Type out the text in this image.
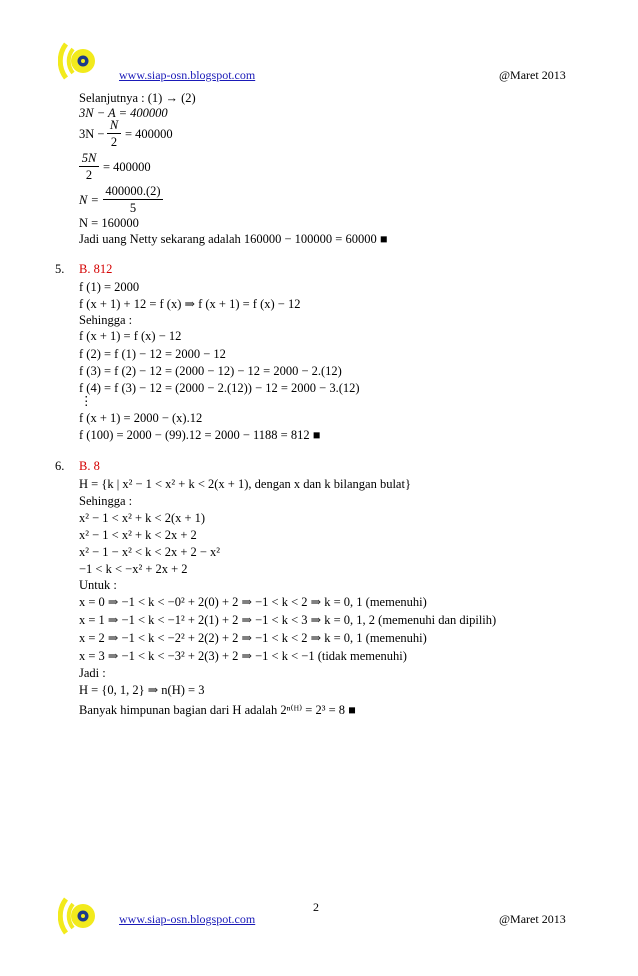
www.siap-osn.blogspot.com	@Maret 2013
Selanjutnya : (1) → (2)
3N − A = 400000
3N −
N
2
= 400000
5N
2
= 400000
N =
400000.(2)
5
N = 160000
Jadi uang Netty sekarang adalah 160000 − 100000 = 60000 ■
5. B. 812
f (1) = 2000
f (x + 1) + 12 = f (x) ⇒ f (x + 1) = f (x) − 12
Sehingga :
f (x + 1) = f (x) − 12
f (2) = f (1) − 12 = 2000 − 12
f (3) = f (2) − 12 = (2000 − 12) − 12 = 2000 − 2.(12)
f (4) = f (3) − 12 = (2000 − 2.(12)) − 12 = 2000 − 3.(12)
⋮
f (x + 1) = 2000 − (x).12
f (100) = 2000 − (99).12 = 2000 − 1188 = 812 ■
6. B. 8
H = {k | x² − 1 < x² + k < 2(x + 1), dengan x dan k bilangan bulat}
Sehingga :
x² − 1 < x² + k < 2(x + 1)
x² − 1 < x² + k < 2x + 2
x² − 1 − x² < k < 2x + 2 − x²
−1 < k < −x² + 2x + 2
Untuk :
x = 0 ⇒ −1 < k < −0² + 2(0) + 2 ⇒ −1 < k < 2 ⇒ k = 0, 1 (memenuhi)
x = 1 ⇒ −1 < k < −1² + 2(1) + 2 ⇒ −1 < k < 3 ⇒ k = 0, 1, 2 (memenuhi dan dipilih)
x = 2 ⇒ −1 < k < −2² + 2(2) + 2 ⇒ −1 < k < 2 ⇒ k = 0, 1 (memenuhi)
x = 3 ⇒ −1 < k < −3² + 2(3) + 2 ⇒ −1 < k < −1 (tidak memenuhi)
Jadi :
H = {0, 1, 2} ⇒ n(H) = 3
Banyak himpunan bagian dari H adalah 2ⁿ⁽ᴴ⁾ = 2³ = 8 ■
2
www.siap-osn.blogspot.com	@Maret 2013
